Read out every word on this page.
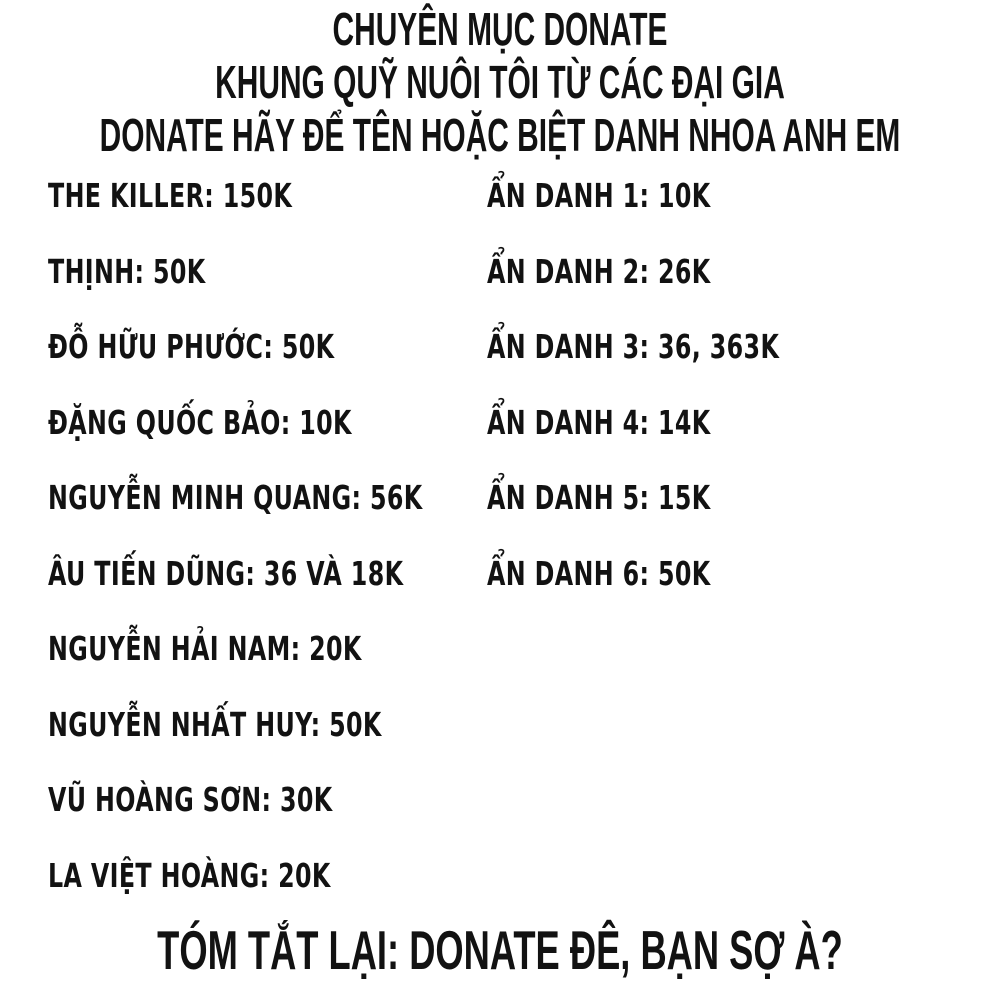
CHUYÊN MỤC DONATE
KHUNG QUỸ NUÔI TÔI TỪ CÁC ĐẠI GIA
DONATE HÃY ĐỂ TÊN HOẶC BIỆT DANH NHOA ANH EM
THE KILLER: 150K
THỊNH: 50K
ĐỖ HỮU PHƯỚC: 50K
ĐẶNG QUỐC BẢO: 10K
NGUYỄN MINH QUANG: 56K
ÂU TIẾN DŨNG: 36 VÀ 18K
NGUYỄN HẢI NAM: 20K
NGUYỄN NHẤT HUY: 50K
VŨ HOÀNG SƠN: 30K
LA VIỆT HOÀNG: 20K
ẨN DANH 1: 10K
ẨN DANH 2: 26K
ẨN DANH 3: 36, 363K
ẨN DANH 4: 14K
ẨN DANH 5: 15K
ẨN DANH 6: 50K
TÓM TẮT LẠI: DONATE ĐÊ, BẠN SỢ À?
